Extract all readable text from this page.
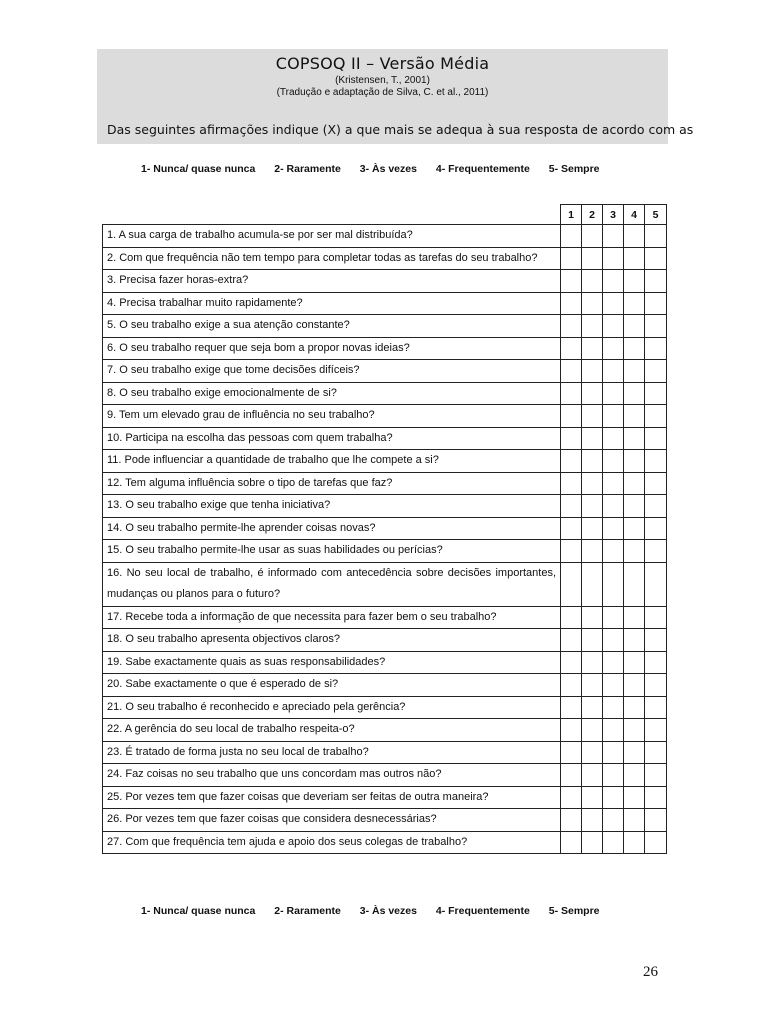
COPSOQ II – Versão Média
(Kristensen, T., 2001)
(Tradução e adaptação de Silva, C. et al., 2011)
Das seguintes afirmações indique (X) a que mais se adequa à sua resposta de acordo com as
1- Nunca/ quase nunca 2- Raramente 3- Às vezes 4- Frequentemente 5- Sempre
	1	2	3	4	5
1. A sua carga de trabalho acumula-se por ser mal distribuída?					
2. Com que frequência não tem tempo para completar todas as tarefas do seu trabalho?					
3. Precisa fazer horas-extra?					
4. Precisa trabalhar muito rapidamente?					
5. O seu trabalho exige a sua atenção constante?					
6. O seu trabalho requer que seja bom a propor novas ideias?					
7. O seu trabalho exige que tome decisões difíceis?					
8. O seu trabalho exige emocionalmente de si?					
9. Tem um elevado grau de influência no seu trabalho?					
10. Participa na escolha das pessoas com quem trabalha?					
11. Pode influenciar a quantidade de trabalho que lhe compete a si?					
12. Tem alguma influência sobre o tipo de tarefas que faz?					
13. O seu trabalho exige que tenha iniciativa?					
14. O seu trabalho permite-lhe aprender coisas novas?					
15. O seu trabalho permite-lhe usar as suas habilidades ou perícias?					
16. No seu local de trabalho, é informado com antecedência sobre decisões importantes, mudanças ou planos para o futuro?					
17. Recebe toda a informação de que necessita para fazer bem o seu trabalho?					
18. O seu trabalho apresenta objectivos claros?					
19. Sabe exactamente quais as suas responsabilidades?					
20. Sabe exactamente o que é esperado de si?					
21. O seu trabalho é reconhecido e apreciado pela gerência?					
22. A gerência do seu local de trabalho respeita-o?					
23. É tratado de forma justa no seu local de trabalho?					
24. Faz coisas no seu trabalho que uns concordam mas outros não?					
25. Por vezes tem que fazer coisas que deveriam ser feitas de outra maneira?					
26. Por vezes tem que fazer coisas que considera desnecessárias?					
27. Com que frequência tem ajuda e apoio dos seus colegas de trabalho?					
1- Nunca/ quase nunca 2- Raramente 3- Às vezes 4- Frequentemente 5- Sempre
26
